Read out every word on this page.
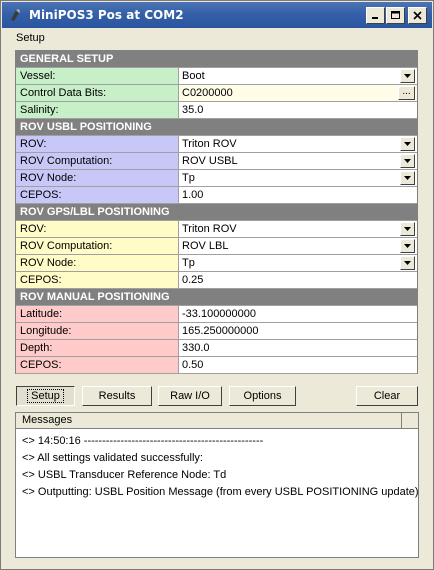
MiniPOS3 Pos at COM2
Setup
GENERAL SETUP
Vessel:	Boot
Control Data Bits:	C0200000	...
Salinity:	35.0
ROV USBL POSITIONING
ROV:	Triton ROV
ROV Computation:	ROV USBL
ROV Node:	Tp
CEPOS:	1.00
ROV GPS/LBL POSITIONING
ROV:	Triton ROV
ROV Computation:	ROV LBL
ROV Node:	Tp
CEPOS:	0.25
ROV MANUAL POSITIONING
Latitude:	-33.100000000
Longitude:	165.250000000
Depth:	330.0
CEPOS:	0.50
Setup	Results	Raw I/O	Options	Clear
Messages
<> 14:50:16 -------------------------------------------------
<> All settings validated successfully:
<> USBL Transducer Reference Node: Td
<> Outputting: USBL Position Message (from every USBL POSITIONING update)
